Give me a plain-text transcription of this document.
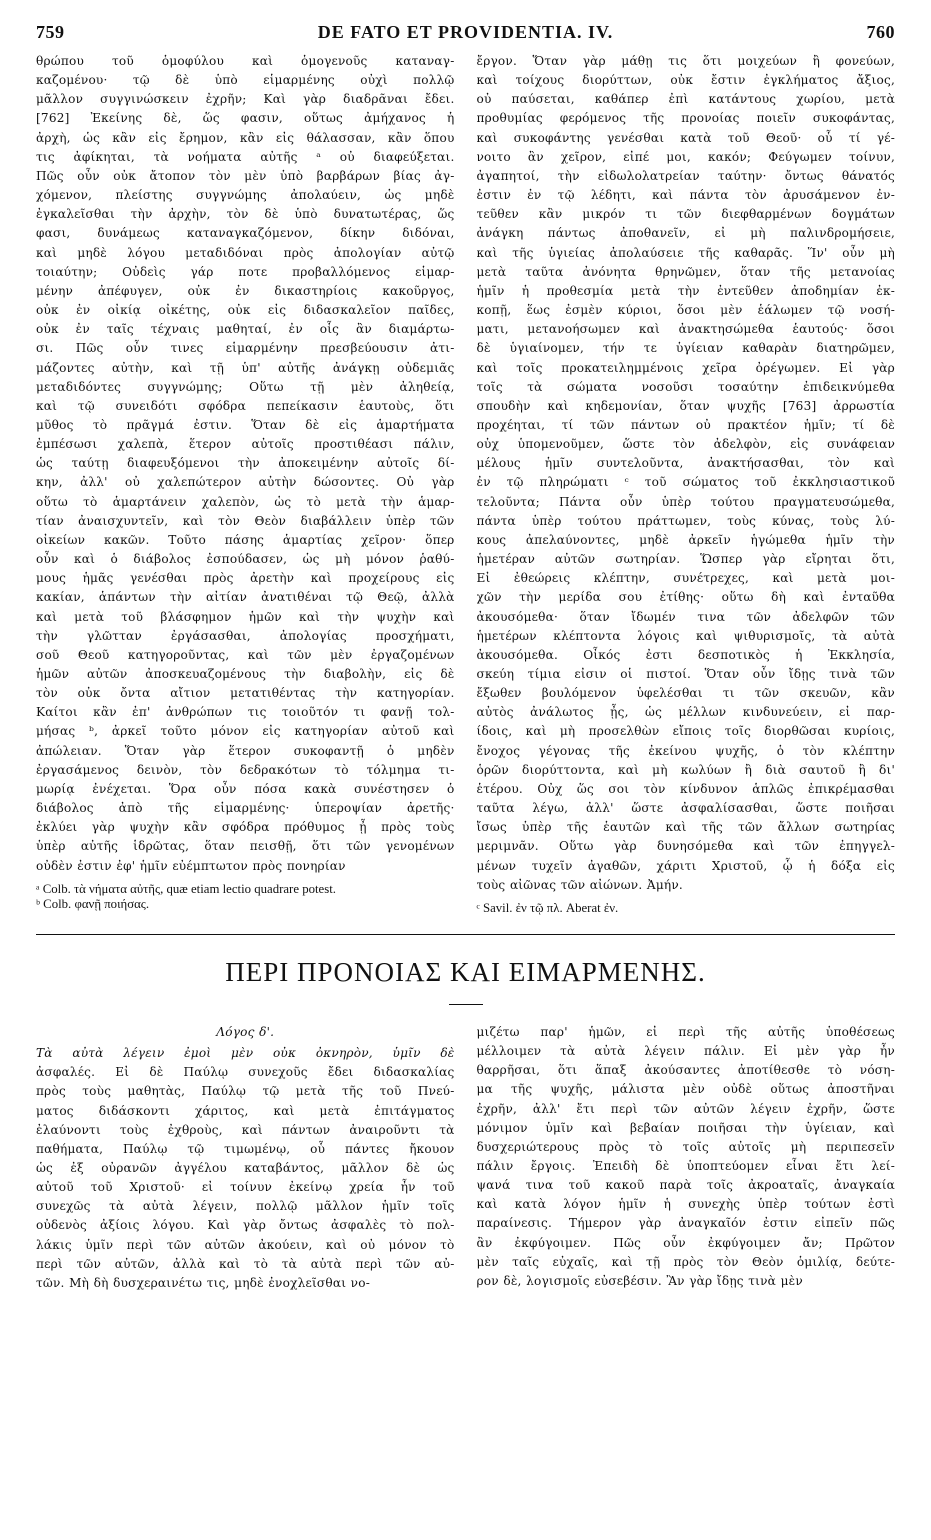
759	DE FATO ET PROVIDENTIA. IV.	760
θρώπου τοῦ ὁμοφύλου καὶ ὁμογενοῦς καταναγ-
καζομένου· τῷ δὲ ὑπὸ εἱμαρμένης οὐχὶ πολλῷ
μᾶλλον συγγινώσκειν ἐχρῆν; Καὶ γὰρ διαδρᾶναι ἔδει.
[762] Ἐκείνης δὲ, ὥς φασιν, οὕτως ἀμήχανος ἡ
ἀρχὴ, ὡς κἂν εἰς ἔρημον, κἂν εἰς θάλασσαν, κἂν ὅπου
τις ἀφίκηται, τὰ νοήματα αὐτῆς ᵃ οὐ διαφεύξεται.
Πῶς οὖν οὐκ ἄτοπον τὸν μὲν ὑπὸ βαρβάρων βίας ἀγ-
χόμενον, πλείστης συγγνώμης ἀπολαύειν, ὡς μηδὲ
ἐγκαλεῖσθαι τὴν ἀρχὴν, τὸν δὲ ὑπὸ δυνατωτέρας, ὥς
φασι, δυνάμεως καταναγκαζόμενον, δίκην διδόναι,
καὶ μηδὲ λόγου μεταδιδόναι πρὸς ἀπολογίαν αὐτῷ
τοιαύτην; Οὐδεὶς γάρ ποτε προβαλλόμενος εἱμαρ-
μένην ἀπέφυγεν, οὐκ ἐν δικαστηρίοις κακοῦργος,
οὐκ ἐν οἰκίᾳ οἰκέτης, οὐκ εἰς διδασκαλεῖον παῖδες,
οὐκ ἐν ταῖς τέχναις μαθηταί, ἐν οἷς ἂν διαμάρτω-
σι. Πῶς οὖν τινες εἱμαρμένην πρεσβεύουσιν ἀτι-
μάζοντες αὐτὴν, καὶ τῇ ὑπ' αὐτῆς ἀνάγκῃ οὐδεμιᾶς
μεταδιδόντες συγγνώμης; Οὕτω τῇ μὲν ἀληθείᾳ,
καὶ τῷ συνειδότι σφόδρα πεπείκασιν ἑαυτοὺς, ὅτι
μῦθος τὸ πρᾶγμά ἐστιν. Ὅταν δὲ εἰς ἁμαρτήματα
ἐμπέσωσι χαλεπὰ, ἕτερον αὐτοῖς προστιθέασι πάλιν,
ὡς ταύτῃ διαφευξόμενοι τὴν ἀποκειμένην αὐτοῖς δί-
κην, ἀλλ' οὐ χαλεπώτερον αὐτὴν δώσοντες. Οὐ γὰρ
οὕτω τὸ ἁμαρτάνειν χαλεπὸν, ὡς τὸ μετὰ τὴν ἁμαρ-
τίαν ἀναισχυντεῖν, καὶ τὸν Θεὸν διαβάλλειν ὑπὲρ τῶν
οἰκείων κακῶν. Τοῦτο πάσης ἁμαρτίας χεῖρον· ὅπερ
οὖν καὶ ὁ διάβολος ἐσπούδασεν, ὡς μὴ μόνον ῥαθύ-
μους ἡμᾶς γενέσθαι πρὸς ἀρετὴν καὶ προχείρους εἰς
κακίαν, ἁπάντων τὴν αἰτίαν ἀνατιθέναι τῷ Θεῷ, ἀλλὰ
καὶ μετὰ τοῦ βλάσφημον ἡμῶν καὶ τὴν ψυχὴν καὶ
τὴν γλῶτταν ἐργάσασθαι, ἀπολογίας προσχήματι,
σοῦ Θεοῦ κατηγοροῦντας, καὶ τῶν μὲν ἐργαζομένων
ἡμῶν αὐτῶν ἀποσκευαζομένους τὴν διαβολὴν, εἰς δὲ
τὸν οὐκ ὄντα αἴτιον μετατιθέντας τὴν κατηγορίαν.
Καίτοι κἂν ἐπ' ἀνθρώπων τις τοιοῦτόν τι φανῇ τολ-
μήσας ᵇ, ἀρκεῖ τοῦτο μόνον εἰς κατηγορίαν αὐτοῦ καὶ
ἀπώλειαν. Ὅταν γὰρ ἕτερον συκοφαντῇ ὁ μηδὲν
ἐργασάμενος δεινὸν, τὸν δεδρακότων τὸ τόλμημα τι-
μωρίᾳ ἐνέχεται. Ὅρα οὖν πόσα κακὰ συνέστησεν ὁ
διάβολος ἀπὸ τῆς εἱμαρμένης· ὑπεροψίαν ἀρετῆς·
ἐκλύει γὰρ ψυχὴν κἂν σφόδρα πρόθυμος ᾖ πρὸς τοὺς
ὑπὲρ αὐτῆς ἱδρῶτας, ὅταν πεισθῇ, ὅτι τῶν γενομένων
οὐδὲν ἐστιν ἐφ' ἡμῖν εὐέμπτωτον πρὸς πονηρίαν
ᵃ Colb. τὰ νήματα αὐτῆς, quæ etiam lectio quadrare potest.
ᵇ Colb. φανῇ ποιήσας.
ἔργον. Ὅταν γὰρ μάθῃ τις ὅτι μοιχεύων ἢ φονεύων,
καὶ τοίχους διορύττων, οὐκ ἔστιν ἐγκλήματος ἄξιος,
οὐ παύσεται, καθάπερ ἐπὶ κατάντους χωρίου, μετὰ
προθυμίας φερόμενος τῆς προνοίας ποιεῖν συκοφάντας,
καὶ συκοφάντης γενέσθαι κατὰ τοῦ Θεοῦ· οὗ τί γέ-
νοιτο ἂν χεῖρον, εἰπέ μοι, κακόν; Φεύγωμεν τοίνυν,
ἀγαπητοί, τὴν εἰδωλολατρείαν ταύτην· ὄντως θάνατός
ἐστιν ἐν τῷ λέδητι, καὶ πάντα τὸν ἀρυσάμενον ἐν-
τεῦθεν κἂν μικρόν τι τῶν διεφθαρμένων δογμάτων
ἀνάγκη πάντως ἀποθανεῖν, εἰ μὴ παλινδρομήσειε,
καὶ τῆς ὑγιείας ἀπολαύσειε τῆς καθαρᾶς. Ἵν' οὖν μὴ
μετὰ ταῦτα ἀνόνητα θρηνῶμεν, ὅταν τῆς μετανοίας
ἡμῖν ἡ προθεσμία μετὰ τὴν ἐντεῦθεν ἀποδημίαν ἐκ-
κοπῇ, ἕως ἐσμὲν κύριοι, ὅσοι μὲν ἑάλωμεν τῷ νοσή-
ματι, μετανοήσωμεν καὶ ἀνακτησώμεθα ἑαυτούς· ὅσοι
δὲ ὑγιαίνομεν, τήν τε ὑγίειαν καθαρὰν διατηρῶμεν,
καὶ τοῖς προκατειλημμένοις χεῖρα ὀρέγωμεν. Εἰ γὰρ
τοῖς τὰ σώματα νοσοῦσι τοσαύτην ἐπιδεικνύμεθα
σπουδὴν καὶ κηδεμονίαν, ὅταν ψυχῆς [763] ἀρρωστία
προχέηται, τί τῶν πάντων οὐ πρακτέον ἡμῖν; τί δὲ
οὐχ ὑπομενοῦμεν, ὥστε τὸν ἀδελφὸν, εἰς συνάφειαν
μέλους ἡμῖν συντελοῦντα, ἀνακτήσασθαι, τὸν καὶ
ἐν τῷ πληρώματι ᶜ τοῦ σώματος τοῦ ἐκκλησιαστικοῦ
τελοῦντα; Πάντα οὖν ὑπὲρ τούτου πραγματευσώμεθα,
πάντα ὑπὲρ τούτου πράττωμεν, τοὺς κύνας, τοὺς λύ-
κους ἀπελαύνοντες, μηδὲ ἀρκεῖν ἡγώμεθα ἡμῖν τὴν
ἡμετέραν αὐτῶν σωτηρίαν. Ὥσπερ γὰρ εἴρηται ὅτι,
Εἰ ἐθεώρεις κλέπτην, συνέτρεχες, καὶ μετὰ μοι-
χῶν τὴν μερίδα σου ἐτίθης· οὕτω δὴ καὶ ἐνταῦθα
ἀκουσόμεθα· ὅταν ἴδωμέν τινα τῶν ἀδελφῶν τῶν
ἡμετέρων κλέπτοντα λόγοις καὶ ψιθυρισμοῖς, τὰ αὐτὰ
ἀκουσόμεθα. Οἶκός ἐστι δεσποτικὸς ἡ Ἐκκλησία,
σκεύη τίμια εἰσιν οἱ πιστοί. Ὅταν οὖν ἴδῃς τινὰ τῶν
ἔξωθεν βουλόμενον ὑφελέσθαι τι τῶν σκευῶν, κἂν
αὐτὸς ἀνάλωτος ᾖς, ὡς μέλλων κινδυνεύειν, εἰ παρ-
ίδοις, καὶ μὴ προσελθὼν εἴποις τοῖς διορθῶσαι κυρίοις,
ἔνοχος γέγονας τῆς ἐκείνου ψυχῆς, ὁ τὸν κλέπτην
ὁρῶν διορύττοντα, καὶ μὴ κωλύων ἢ διὰ σαυτοῦ ἢ δι'
ἑτέρου. Οὐχ ὥς σοι τὸν κίνδυνον ἁπλῶς ἐπικρέμασθαι
ταῦτα λέγω, ἀλλ' ὥστε ἀσφαλίσασθαι, ὥστε ποιῆσαι
ἴσως ὑπὲρ τῆς ἑαυτῶν καὶ τῆς τῶν ἄλλων σωτηρίας
μεριμνᾶν. Οὕτω γὰρ δυνησόμεθα καὶ τῶν ἐπηγγελ-
μένων τυχεῖν ἀγαθῶν, χάριτι Χριστοῦ, ᾧ ἡ δόξα εἰς
τοὺς αἰῶνας τῶν αἰώνων. Ἀμήν.
ᶜ Savil. ἐν τῷ πλ. Aberat ἐν.
ΠΕΡΙ ΠΡΟΝΟΙΑΣ ΚΑΙ ΕΙΜΑΡΜΕΝΗΣ.
Λόγος δ'.
Τὰ αὐτὰ λέγειν ἐμοὶ μὲν οὐκ ὀκνηρὸν, ὑμῖν δὲ
ἀσφαλές. Εἰ δὲ Παύλῳ συνεχοῦς ἔδει διδασκαλίας
πρὸς τοὺς μαθητὰς, Παύλῳ τῷ μετὰ τῆς τοῦ Πνεύ-
ματος διδάσκοντι χάριτος, καὶ μετὰ ἐπιτάγματος
ἐλαύνοντι τοὺς ἐχθροὺς, καὶ πάντων ἀναιροῦντι τὰ
παθήματα, Παύλῳ τῷ τιμωμένῳ, οὗ πάντες ἤκουον
ὡς ἐξ οὐρανῶν ἀγγέλου καταβάντος, μᾶλλον δὲ ὡς
αὐτοῦ τοῦ Χριστοῦ· εἰ τοίνυν ἐκείνῳ χρεία ἦν τοῦ
συνεχῶς τὰ αὐτὰ λέγειν, πολλῷ μᾶλλον ἡμῖν τοῖς
οὐδενὸς ἀξίοις λόγου. Καὶ γὰρ ὄντως ἀσφαλὲς τὸ πολ-
λάκις ὑμῖν περὶ τῶν αὐτῶν ἀκούειν, καὶ οὐ μόνον τὸ
περὶ τῶν αὐτῶν, ἀλλὰ καὶ τὸ τὰ αὐτὰ περὶ τῶν αὐ-
τῶν. Μὴ δὴ δυσχεραινέτω τις, μηδὲ ἐνοχλεῖσθαι νο-
μιζέτω παρ' ἡμῶν, εἰ περὶ τῆς αὐτῆς ὑποθέσεως
μέλλοιμεν τὰ αὐτὰ λέγειν πάλιν. Εἰ μὲν γὰρ ἦν
θαρρῆσαι, ὅτι ἅπαξ ἀκούσαντες ἀποτίθεσθε τὸ νόση-
μα τῆς ψυχῆς, μάλιστα μὲν οὐδὲ οὕτως ἀποστῆναι
ἐχρῆν, ἀλλ' ἔτι περὶ τῶν αὐτῶν λέγειν ἐχρῆν, ὥστε
μόνιμον ὑμῖν καὶ βεβαίαν ποιῆσαι τὴν ὑγίειαν, καὶ
δυσχεριώτερους πρὸς τὸ τοῖς αὐτοῖς μὴ περιπεσεῖν
πάλιν ἔργοις. Ἐπειδὴ δὲ ὑποπτεύομεν εἶναι ἔτι λεί-
ψανά τινα τοῦ κακοῦ παρὰ τοῖς ἀκροαταῖς, ἀναγκαία
καὶ κατὰ λόγον ἡμῖν ἡ συνεχὴς ὑπὲρ τούτων ἐστὶ
παραίνεσις. Τήμερον γὰρ ἀναγκαῖόν ἐστιν εἰπεῖν πῶς
ἂν ἐκφύγοιμεν. Πῶς οὖν ἐκφύγοιμεν ἄν; Πρῶτον
μὲν ταῖς εὐχαῖς, καὶ τῇ πρὸς τὸν Θεὸν ὁμιλίᾳ, δεύτε-
ρον δὲ, λογισμοῖς εὐσεβέσιν. Ἂν γὰρ ἴδῃς τινὰ μὲν
